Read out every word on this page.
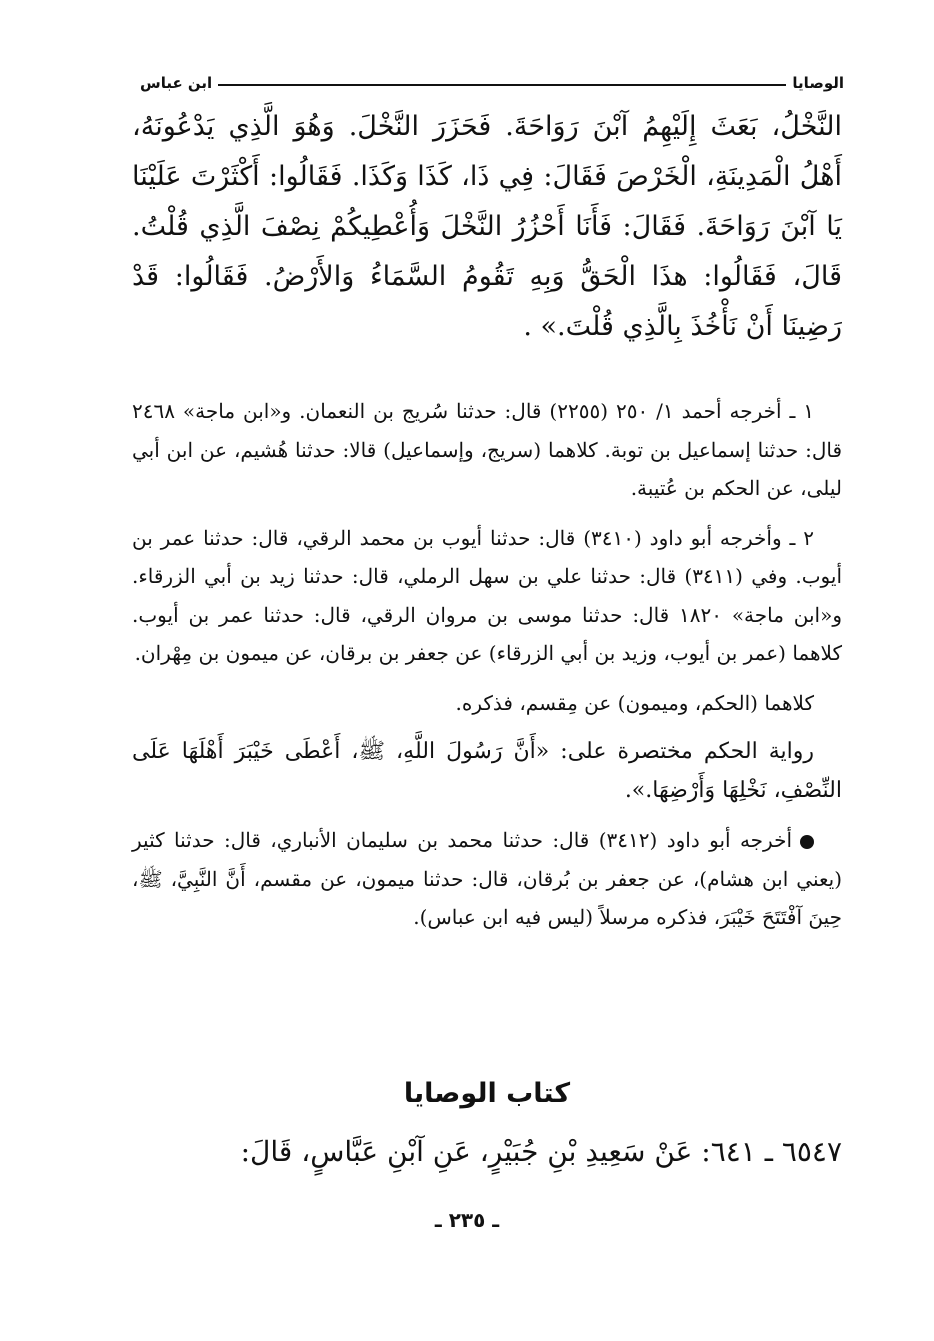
الوصايا
ابن عباس

النَّخْلُ، بَعَثَ إِلَيْهِمُ آبْنَ رَوَاحَةَ. فَحَزَرَ النَّخْلَ. وَهُوَ الَّذِي يَدْعُونَهُ، أَهْلُ الْمَدِينَةِ، الْخَرْصَ فَقَالَ: فِي ذَا، كَذَا وَكَذَا. فَقَالُوا: أَكْثَرْتَ عَلَيْنَا يَا آبْنَ رَوَاحَةَ. فَقَالَ: فَأَنَا أَحْزُرُ النَّخْلَ وَأُعْطِيكُمْ نِصْفَ الَّذِي قُلْتُ. قَالَ، فَقَالُوا: هذَا الْحَقُّ وَبِهِ تَقُومُ السَّمَاءُ وَالأَرْضُ. فَقَالُوا: قَدْ رَضِينَا أَنْ نَأْخُذَ بِالَّذِي قُلْتَ.» .

١ ـ أخرجه أحمد ١/ ٢٥٠ (٢٢٥٥) قال: حدثنا سُريج بن النعمان. و«ابن ماجة» ٢٤٦٨ قال: حدثنا إسماعيل بن توبة. كلاهما (سريج، وإسماعيل) قالا: حدثنا هُشيم، عن ابن أبي ليلى، عن الحكم بن عُتيبة.

٢ ـ وأخرجه أبو داود (٣٤١٠) قال: حدثنا أيوب بن محمد الرقي، قال: حدثنا عمر بن أيوب. وفي (٣٤١١) قال: حدثنا علي بن سهل الرملي، قال: حدثنا زيد بن أبي الزرقاء. و«ابن ماجة» ١٨٢٠ قال: حدثنا موسى بن مروان الرقي، قال: حدثنا عمر بن أيوب. كلاهما (عمر بن أيوب، وزيد بن أبي الزرقاء) عن جعفر بن برقان، عن ميمون بن مِهْران.

كلاهما (الحكم، وميمون) عن مِقسم، فذكره.

رواية الحكم مختصرة على: «أَنَّ رَسُولَ اللَّهِ، ﷺ، أَعْطَى خَيْبَرَ أَهْلَهَا عَلَى النِّصْفِ، نَخْلِهَا وَأَرْضِهَا.».

أخرجه أبو داود (٣٤١٢) قال: حدثنا محمد بن سليمان الأنباري، قال: حدثنا كثير (يعني ابن هشام)، عن جعفر بن بُرقان، قال: حدثنا ميمون، عن مقسم، أَنَّ النَّبِيَّ، ﷺ، حِينَ آفْتَتَحَ خَيْبَرَ، فذكره مرسلاً (ليس فيه ابن عباس).

كتاب الوصايا
٦٥٤٧ ـ ٦٤١: عَنْ سَعِيدِ بْنِ جُبَيْرٍ، عَنِ آبْنِ عَبَّاسٍ، قَالَ:
ـ ٢٣٥ ـ
